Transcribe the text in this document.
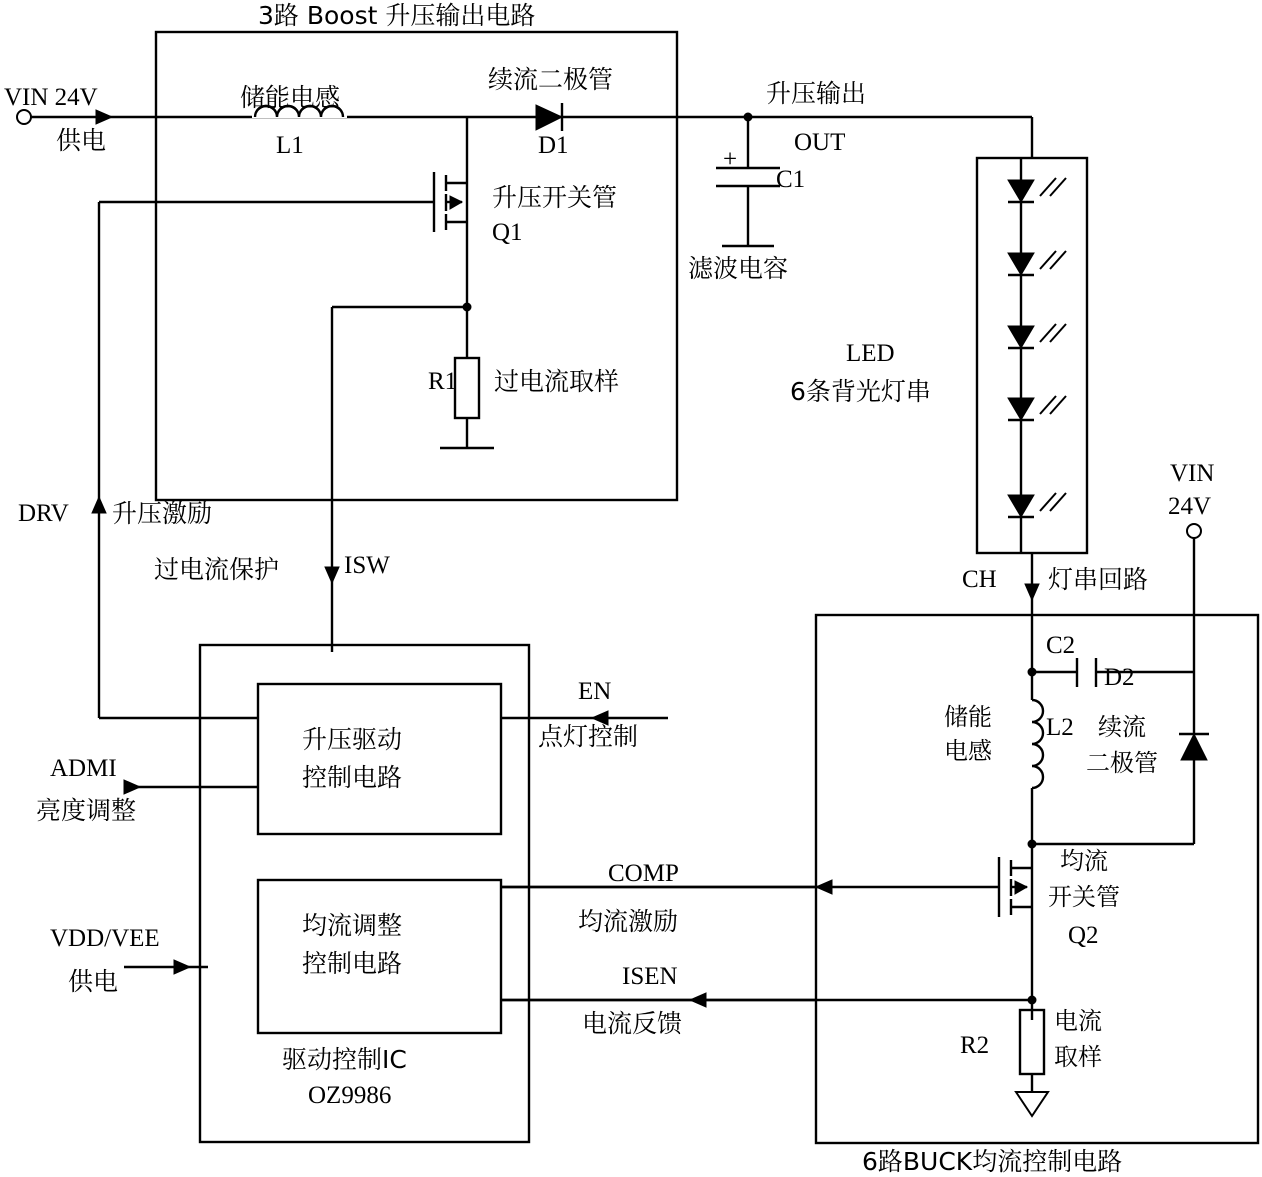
3路 Boost 升压输出电路
VIN 24V
供电
储能电感
L1
续流二极管
D1
升压开关管
Q1
升压输出
OUT
+
C1
滤波电容
R1 过电流取样
LED
6条背光灯串
CH 灯串回路
VIN
24V
DRV 升压激励
过电流保护	ISW
EN
点灯控制
ADMI
亮度调整
VDD/VEE
供电
COMP
均流激励
ISEN
电流反馈
升压驱动
控制电路
均流调整
控制电路
驱动控制IC
OZ9986
C2
D2
储能
电感
L2 续流
二极管
均流
开关管
Q2
R2
电流
取样
6路BUCK均流控制电路
